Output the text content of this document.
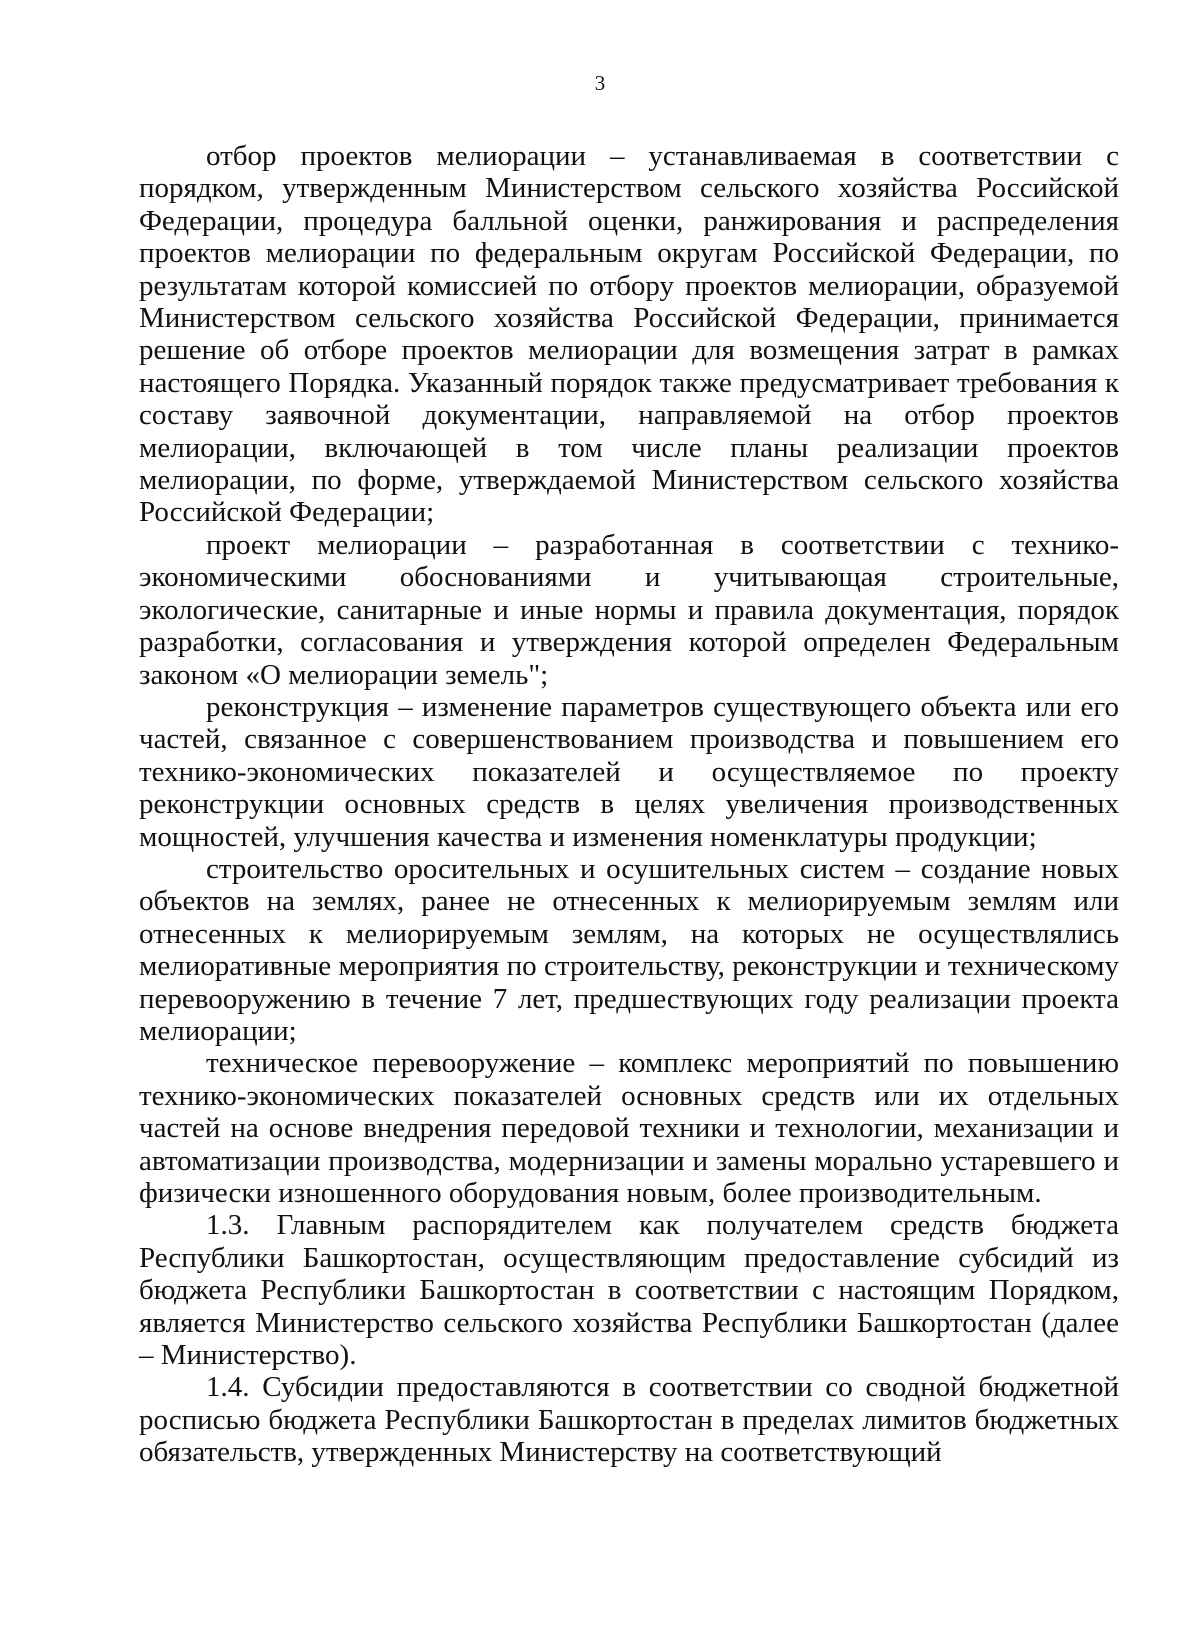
3

отбор проектов мелиорации – устанавливаемая в соответствии с порядком, утвержденным Министерством сельского хозяйства Российской Федерации, процедура балльной оценки, ранжирования и распределения проектов мелиорации по федеральным округам Российской Федерации, по результатам которой комиссией по отбору проектов мелиорации, образуемой Министерством сельского хозяйства Российской Федерации, принимается решение об отборе проектов мелиорации для возмещения затрат в рамках настоящего Порядка. Указанный порядок также предусматривает требования к составу заявочной документации, направляемой на отбор проектов мелиорации, включающей в том числе планы реализации проектов мелиорации, по форме, утверждаемой Министерством сельского хозяйства Российской Федерации;

проект мелиорации – разработанная в соответствии с технико-экономическими обоснованиями и учитывающая строительные, экологические, санитарные и иные нормы и правила документация, порядок разработки, согласования и утверждения которой определен Федеральным законом «О мелиорации земель";

реконструкция – изменение параметров существующего объекта или его частей, связанное с совершенствованием производства и повышением его технико-экономических показателей и осуществляемое по проекту реконструкции основных средств в целях увеличения производственных мощностей, улучшения качества и изменения номенклатуры продукции;

строительство оросительных и осушительных систем – создание новых объектов на землях, ранее не отнесенных к мелиорируемым землям или отнесенных к мелиорируемым землям, на которых не осуществлялись мелиоративные мероприятия по строительству, реконструкции и техническому перевооружению в течение 7 лет, предшествующих году реализации проекта мелиорации;

техническое перевооружение – комплекс мероприятий по повышению технико-экономических показателей основных средств или их отдельных частей на основе внедрения передовой техники и технологии, механизации и автоматизации производства, модернизации и замены морально устаревшего и физически изношенного оборудования новым, более производительным.

1.3. Главным распорядителем как получателем средств бюджета Республики Башкортостан, осуществляющим предоставление субсидий из бюджета Республики Башкортостан в соответствии с настоящим Порядком, является Министерство сельского хозяйства Республики Башкортостан (далее – Министерство).

1.4. Субсидии предоставляются в соответствии со сводной бюджетной росписью бюджета Республики Башкортостан в пределах лимитов бюджетных обязательств, утвержденных Министерству на соответствующий
